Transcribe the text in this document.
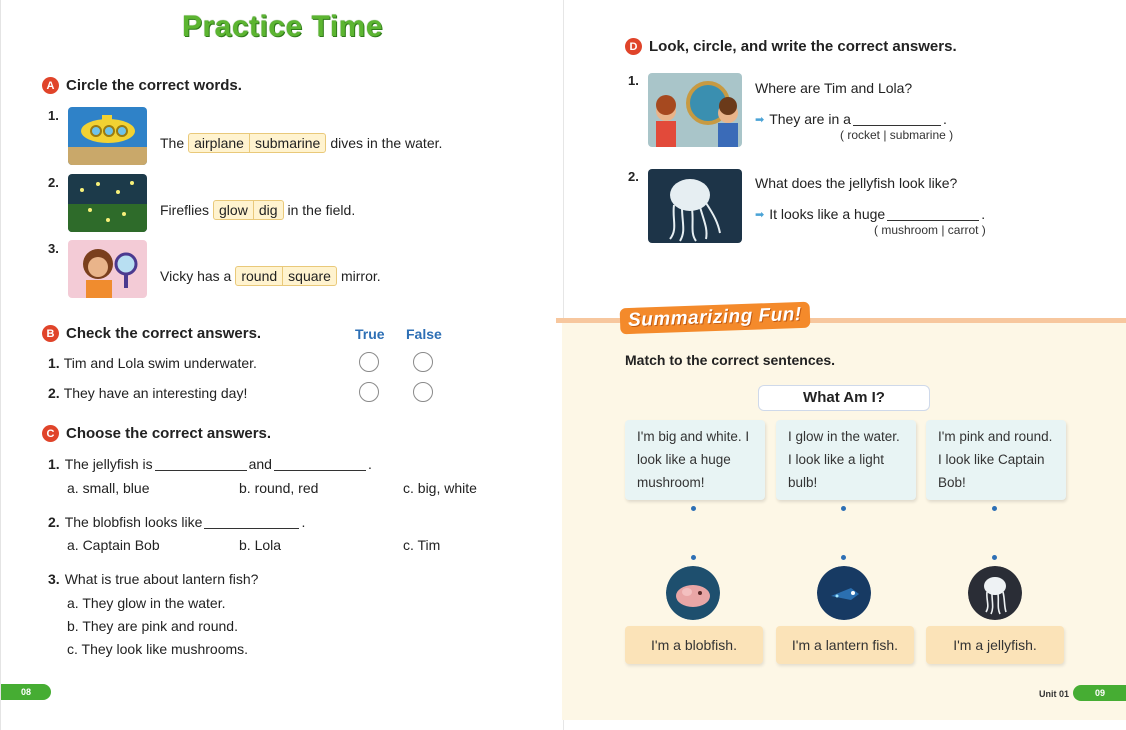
Practice Time
A Circle the correct words.
1.
The airplane submarine dives in the water.
2.
Fireflies glow dig in the field.
3.
Vicky has a round square mirror.
B Check the correct answers.	True False
1. Tim and Lola swim underwater.
2. They have an interesting day!
C Choose the correct answers.
1. The jellyfish is	and	.
a. small, blue	b. round, red	c. big, white
2. The blobfish looks like	.
a. Captain Bob	b. Lola	c. Tim
3. What is true about lantern fish?
a. They glow in the water.
b. They are pink and round.
c. They look like mushrooms.
08
D Look, circle, and write the correct answers.
1.	Where are Tim and Lola?
➡ They are in a	.
( rocket | submarine )
2.	What does the jellyfish look like?
➡ It looks like a huge	.
( mushroom | carrot )
Summarizing Fun!
Match to the correct sentences.
What Am I?
I'm big and white. I look like a huge mushroom!
I glow in the water. I look like a light bulb!
I'm pink and round. I look like Captain Bob!
I'm a blobfish.	I'm a lantern fish.	I'm a jellyfish.
Unit 01	09
